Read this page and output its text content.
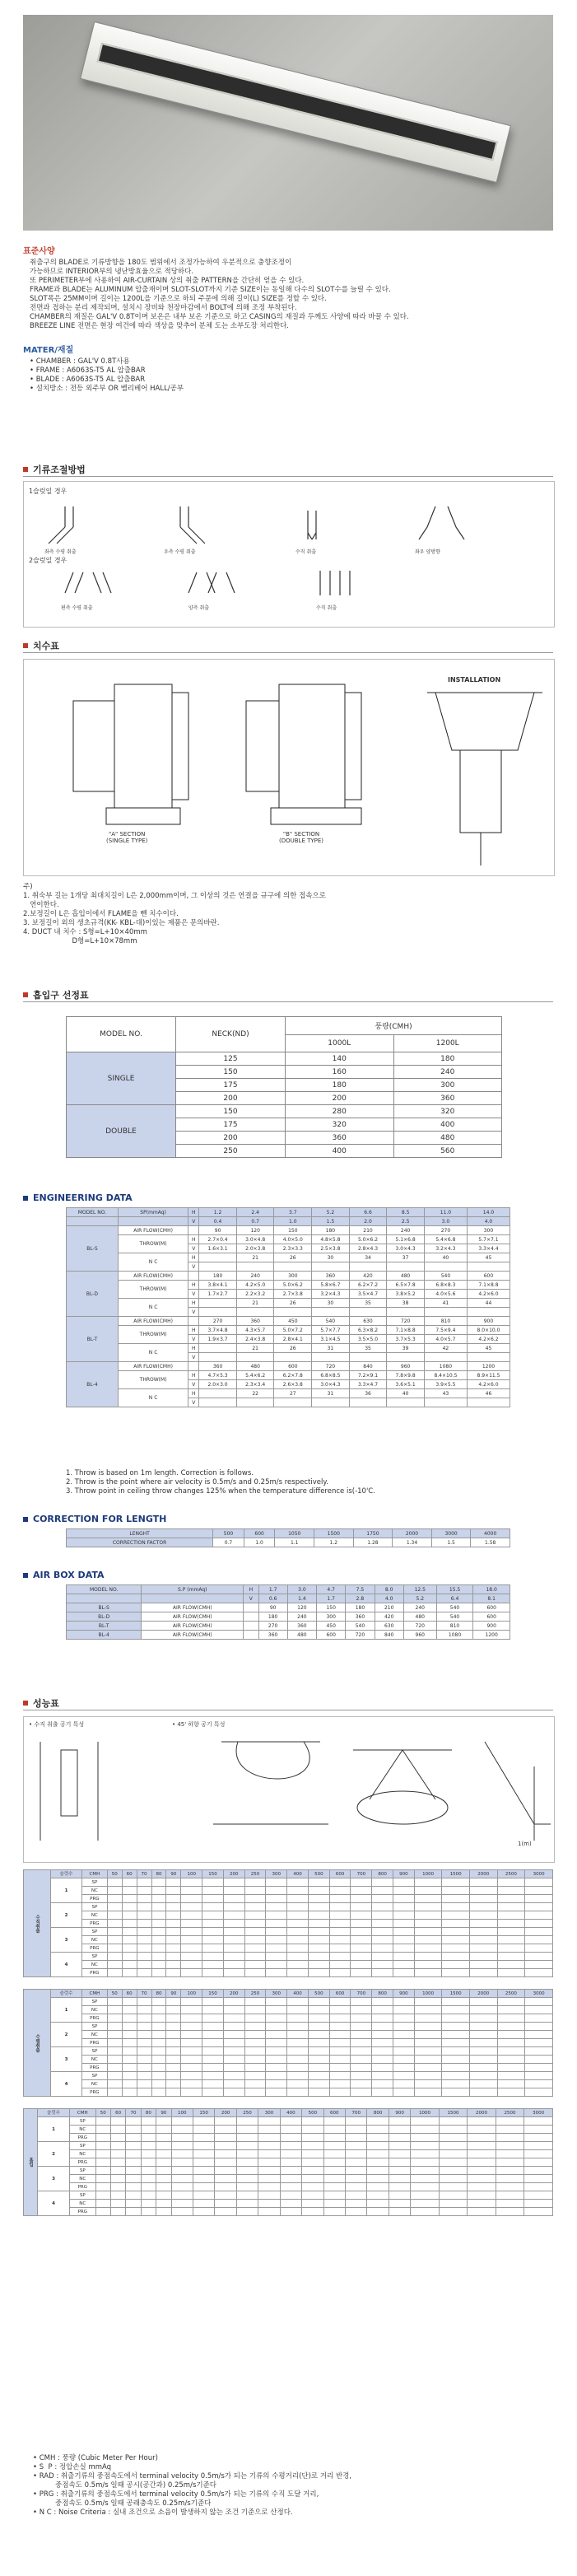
표준사양
취출구의 BLADE로 기류방향을 180도 범위에서 조정가능하여 우분적으로 충향조정이
가능하므로 INTERIOR부의 냉난방효율으로 적당하다.
또 PERIMETER부에 사용하여 AIR-CURTAIN 상의 취출 PATTERN을 간단히 얻을 수 있다.
FRAME과 BLADE는 ALUMINUM 압출재이며 SLOT-SLOT까지 기준 SIZE이는 동일해 다수의 SLOT수를 늘릴 수 있다.
SLOT폭은 25MM이며 길이는 1200L을 기준으로 하되 주문에 의해 길이(L) SIZE를 정할 수 있다.
전면과 접하는 분리 제작되며, 설치시 장비와 천장마감에서 BOLT에 의해 조정 부착된다.
CHAMBER의 재질은 GAL'V 0.8T이며 보온은 내부 보온 기준으로 하고 CASING의 재질과 두께도 사양에 따라 바꿀 수 있다.
BREEZE LINE 전면은 현장 여건에 따라 색상을 맞추어 분체 도는 소부도장 처리한다.
MATER/재질
• CHAMBER : GAL'V 0.8T사용
• FRAME : A6063S-T5 AL 압출BAR
• BLADE : A6063S-T5 AL 압출BAR
• 설치방소 : 전등 외주부 OR 벨리베어 HALL/공부
기류조절방법
1슬럿일 경우
2슬럿일 경우
좌측 수평 취출	우측 수평 취출	수직 취출	좌우 양방향
편측 수평 취출	양측 취출	수직 취출
치수표
INSTALLATION
"A" SECTION
(SINGLE TYPE)
"B" SECTION
(DOUBLE TYPE)
주)
1. 취숙부 길는 1개당 최대치길이 L은 2,000mm이며, 그 이상의 것은 연결을 규구에 의한 접속으로
연이한다.
2.보정길이 L은 흡입이에서 FLAME을 뺀 치수이다.
3. 보정길이 외의 생초규격(KK- KBL-대)이있는 제품은 문의바란.
4. DUCT 내 치수 : S형=L+10×40mm
D형=L+10×78mm
흡입구 선정표
MODEL NO.	NECK(ND)	풍량(CMH)	
		1000L	1200L
SINGLE	125	140	180
	150	160	240
	175	180	300
	200	200	360
DOUBLE	150	280	320
	175	320	400
	200	360	480
	250	400	560
ENGINEERING DATA
MODEL NO.	SP(mmAq)	H	1.2	2.4	3.7	5.2	6.6	8.5	11.0	14.0
		V	0.4	0.7	1.0	1.5	2.0	2.5	3.0	4.0
BL-S	AIR FLOW(CMH)		90	120	150	180	210	240	270	300
	THROW(M)	H	2.7×0.4	3.0×4.8	4.0×5.0	4.8×5.8	5.0×6.2	5.1×6.8	5.4×6.8	5.7×7.1
		V	1.6×3.1	2.0×3.8	2.3×3.3	2.5×3.8	2.8×4.3	3.0×4.3	3.2×4.3	3.3×4.4
	N C	H		21	26	30	34	37	40	45
		V								
BL-D	AIR FLOW(CMH)		180	240	300	360	420	480	540	600
	THROW(M)	H	3.8×4.1	4.2×5.0	5.0×6.2	5.8×6.7	6.2×7.2	6.5×7.8	6.8×8.3	7.1×8.8
		V	1.7×2.7	2.2×3.2	2.7×3.8	3.2×4.3	3.5×4.7	3.8×5.2	4.0×5.6	4.2×6.0
	N C	H		21	26	30	35	38	41	44
		V								
BL-T	AIR FLOW(CMH)		270	360	450	540	630	720	810	900
	THROW(M)	H	3.7×4.8	4.3×5.7	5.0×7.2	5.7×7.7	6.3×8.2	7.1×8.8	7.5×9.4	8.0×10.0
		V	1.9×3.7	2.4×3.8	2.8×4.1	3.1×4.5	3.5×5.0	3.7×5.3	4.0×5.7	4.2×6.2
	N C	H		21	26	31	35	39	42	45
		V								
BL-4	AIR FLOW(CMH)		360	480	600	720	840	960	1080	1200
	THROW(M)	H	4.7×5.3	5.4×6.2	6.2×7.8	6.8×8.5	7.2×9.1	7.8×9.8	8.4×10.5	8.9×11.5
		V	2.0×3.0	2.3×3.4	2.6×3.8	3.0×4.3	3.3×4.7	3.6×5.1	3.9×5.5	4.2×6.0
	N C	H		22	27	31	36	40	43	46
		V								
1. Throw is based on 1m length. Correction is follows.
2. Throw is the point where air velocity is 0.5m/s and 0.25m/s respectively.
3. Throw point in ceiling throw changes 125% when the temperature difference is(-10'C.
CORRECTION FOR LENGTH
LENGHT	500	600	1050	1500	1750	2000	3000	4000
CORRECTION FACTOR	0.7	1.0	1.1	1.2	1.28	1.34	1.5	1.58
AIR BOX DATA
MODEL NO.	S.P (mmAq)	H	1.7	3.0	4.7	7.5	8.0	12.5	15.5	18.0
		V	0.6	1.4	1.7	2.8	4.0	5.2	6.4	8.1
BL-S	AIR FLOW(CMH)		90	120	150	180	210	240	540	600
BL-D	AIR FLOW(CMH)		180	240	300	360	420	480	540	600
BL-T	AIR FLOW(CMH)		270	360	450	540	630	720	810	900
BL-4	AIR FLOW(CMH)		360	480	600	720	840	960	1080	1200
성능표
• 수직 취출 공기 특성	• 45' 하향 공기 특성
1(m)
수직취출	슬럿수	CMH	50	60	70	80	90	100	150	200	250	300	400	500	600	700	800	900	1000	1500	2000	2500	3000
	1	SP																					
		NC																					
		PRG																					
	2	SP																					
		NC																					
		PRG																					
	3	SP																					
		NC																					
		PRG																					
	4	SP																					
		NC																					
		PRG																					
수평취출	슬럿수	CMH	50	60	70	80	90	100	150	200	250	300	400	500	600	700	800	900	1000	1500	2000	2500	3000
	1	SP																					
		NC																					
		PRG																					
	2	SP																					
		NC																					
		PRG																					
	3	SP																					
		NC																					
		PRG																					
	4	SP																					
		NC																					
		PRG																					
흡입	슬럿수	CMH	50	60	70	80	90	100	150	200	250	300	400	500	600	700	800	900	1000	1500	2000	2500	3000
	1	SP																					
		NC																					
		PRG																					
	2	SP																					
		NC																					
		PRG																					
	3	SP																					
		NC																					
		PRG																					
	4	SP																					
		NC																					
		PRG																					
• CMH : 풍량 (Cubic Meter Per Hour)
• S  P : 정압손실 mmAq
• RAD : 취출기류의 중점속도에서 terminal velocity 0.5m/s가 되는 기류의 수평거리(단)로 거리 반경,
중점속도 0.5m/s 일때 공시(공간과) 0.25m/s기준다
• PRG : 취출기류의 중점속도에서 terminal velocity 0.5m/s가 되는 기류의 수직 도달 거리,
중점속도 0.5m/s 일때 공래충속도 0.25m/s기준다
• N C : Noise Criteria : 실내 조건으로 소음이 발생하지 않는 조건 기준으로 산정다.
